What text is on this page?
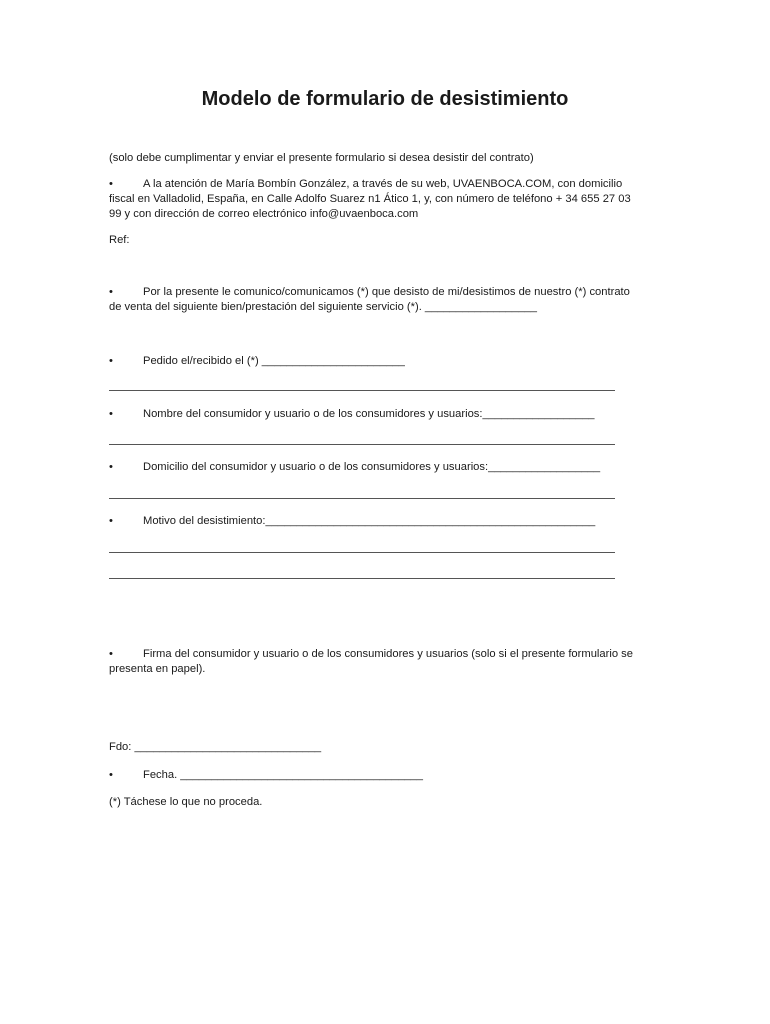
Modelo de formulario de desistimiento
(solo debe cumplimentar y enviar el presente formulario si desea desistir del contrato)
•	A la atención de María Bombín González, a través de su web, UVAENBOCA.COM, con domicilio
fiscal en Valladolid, España, en Calle Adolfo Suarez n1 Ático 1, y, con número de teléfono + 34 655 27 03
99 y con dirección de correo electrónico info@uvaenboca.com
Ref:
•	Por la presente le comunico/comunicamos (*) que desisto de mi/desistimos de nuestro (*) contrato
de venta del siguiente bien/prestación del siguiente servicio (*). __________________
•	Pedido el/recibido el (*) _______________________
•	Nombre del consumidor y usuario o de los consumidores y usuarios:__________________
•	Domicilio del consumidor y usuario o de los consumidores y usuarios:__________________
•	Motivo del desistimiento:_____________________________________________________
•	Firma del consumidor y usuario o de los consumidores y usuarios (solo si el presente formulario se
presenta en papel).
Fdo: ______________________________
•	Fecha. _______________________________________
(*) Táchese lo que no proceda.
